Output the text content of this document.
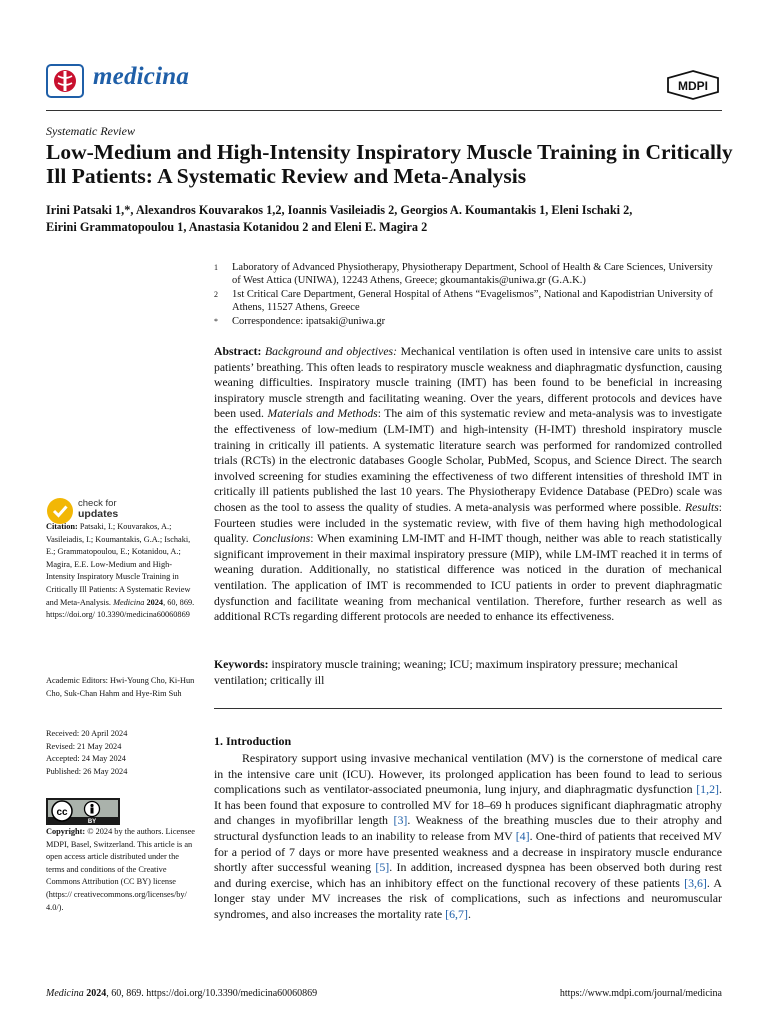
medicina	MDPI
Systematic Review
Low-Medium and High-Intensity Inspiratory Muscle Training in Critically Ill Patients: A Systematic Review and Meta-Analysis
Irini Patsaki 1,*, Alexandros Kouvarakos 1,2, Ioannis Vasileiadis 2, Georgios A. Koumantakis 1, Eleni Ischaki 2,
Eirini Grammatopoulou 1, Anastasia Kotanidou 2 and Eleni E. Magira 2
1	Laboratory of Advanced Physiotherapy, Physiotherapy Department, School of Health & Care Sciences, University of West Attica (UNIWA), 12243 Athens, Greece; gkoumantakis@uniwa.gr (G.A.K.)
2	1st Critical Care Department, General Hospital of Athens “Evagelismos”, National and Kapodistrian University of Athens, 11527 Athens, Greece
*	Correspondence: ipatsaki@uniwa.gr
Abstract: Background and objectives: Mechanical ventilation is often used in intensive care units to assist patients’ breathing. This often leads to respiratory muscle weakness and diaphragmatic dysfunction, causing weaning difficulties. Inspiratory muscle training (IMT) has been found to be beneficial in increasing inspiratory muscle strength and facilitating weaning. Over the years, different protocols and devices have been used. Materials and Methods: The aim of this systematic review and meta-analysis was to investigate the effectiveness of low-medium (LM-IMT) and high-intensity (H-IMT) threshold inspiratory muscle training in critically ill patients. A systematic literature search was performed for randomized controlled trials (RCTs) in the electronic databases Google Scholar, PubMed, Scopus, and Science Direct. The search involved screening for studies examining the effectiveness of two different intensities of threshold IMT in critically ill patients published the last 10 years. The Physiotherapy Evidence Database (PEDro) scale was chosen as the tool to assess the quality of studies. A meta-analysis was performed where possible. Results: Fourteen studies were included in the systematic review, with five of them having high methodological quality. Conclusions: When examining LM-IMT and H-IMT though, neither was able to reach statistically significant improvement in their maximal inspiratory pressure (MIP), while LM-IMT reached it in terms of weaning duration. Additionally, no statistical difference was noticed in the duration of mechanical ventilation. The application of IMT is recommended to ICU patients in order to prevent diaphragmatic dysfunction and facilitate weaning from mechanical ventilation. Therefore, further research as well as additional RCTs regarding different protocols are needed to enhance its effectiveness.
Keywords: inspiratory muscle training; weaning; ICU; maximum inspiratory pressure; mechanical ventilation; critically ill
1. Introduction
Respiratory support using invasive mechanical ventilation (MV) is the cornerstone of medical care in the intensive care unit (ICU). However, its prolonged application has been found to lead to serious complications such as ventilator-associated pneumonia, lung injury, and diaphragmatic dysfunction [1,2]. It has been found that exposure to controlled MV for 18–69 h produces significant diaphragmatic atrophy and changes in myofibrillar length [3]. Weakness of the breathing muscles due to their atrophy and structural dysfunction leads to an inability to release from MV [4]. One-third of patients that received MV for a period of 7 days or more have presented weakness and a decrease in inspiratory muscle endurance shortly after successful weaning [5]. In addition, increased dyspnea has been observed both during rest and during exercise, which has an inhibitory effect on the functional recovery of these patients [3,6]. A longer stay under MV increases the risk of complications, such as infections and neuromuscular syndromes, and also increases the mortality rate [6,7].
check for
updates
Citation: Patsaki, I.; Kouvarakos, A.; Vasileiadis, I.; Koumantakis, G.A.; Ischaki, E.; Grammatopoulou, E.; Kotanidou, A.; Magira, E.E. Low-Medium and High-Intensity Inspiratory Muscle Training in Critically Ill Patients: A Systematic Review and Meta-Analysis. Medicina 2024, 60, 869. https://doi.org/ 10.3390/medicina60060869
Academic Editors: Hwi-Young Cho, Ki-Hun Cho, Suk-Chan Hahm and Hye-Rim Suh
Received: 20 April 2024
Revised: 21 May 2024
Accepted: 24 May 2024
Published: 26 May 2024
cc
BY
Copyright: © 2024 by the authors. Licensee MDPI, Basel, Switzerland. This article is an open access article distributed under the terms and conditions of the Creative Commons Attribution (CC BY) license (https:// creativecommons.org/licenses/by/ 4.0/).
Medicina 2024, 60, 869. https://doi.org/10.3390/medicina60060869	https://www.mdpi.com/journal/medicina
